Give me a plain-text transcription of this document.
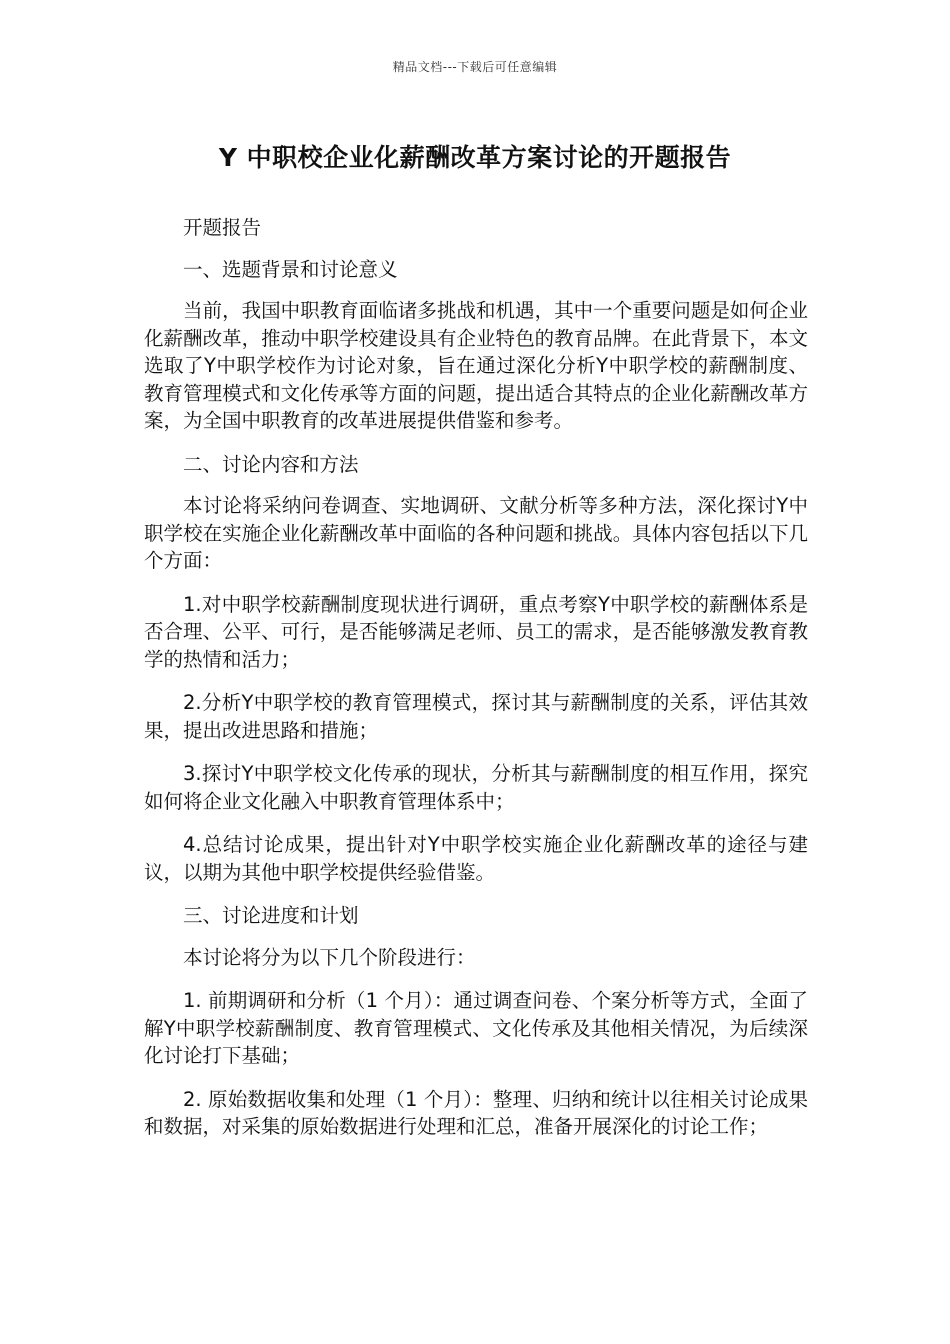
精品文档---下载后可任意编辑
Y 中职校企业化薪酬改革方案讨论的开题报告

开题报告

一、选题背景和讨论意义

当前，我国中职教育面临诸多挑战和机遇，其中一个重要问题是如何企业化薪酬改革，推动中职学校建设具有企业特色的教育品牌。在此背景下，本文选取了Y中职学校作为讨论对象，旨在通过深化分析Y中职学校的薪酬制度、教育管理模式和文化传承等方面的问题，提出适合其特点的企业化薪酬改革方案，为全国中职教育的改革进展提供借鉴和参考。

二、讨论内容和方法

本讨论将采纳问卷调查、实地调研、文献分析等多种方法，深化探讨Y中职学校在实施企业化薪酬改革中面临的各种问题和挑战。具体内容包括以下几个方面：

1.对中职学校薪酬制度现状进行调研，重点考察Y中职学校的薪酬体系是否合理、公平、可行，是否能够满足老师、员工的需求，是否能够激发教育教学的热情和活力；

2.分析Y中职学校的教育管理模式，探讨其与薪酬制度的关系，评估其效果，提出改进思路和措施；

3.探讨Y中职学校文化传承的现状，分析其与薪酬制度的相互作用，探究如何将企业文化融入中职教育管理体系中；

4.总结讨论成果，提出针对Y中职学校实施企业化薪酬改革的途径与建议，以期为其他中职学校提供经验借鉴。

三、讨论进度和计划

本讨论将分为以下几个阶段进行：

1. 前期调研和分析（1 个月）：通过调查问卷、个案分析等方式，全面了解Y中职学校薪酬制度、教育管理模式、文化传承及其他相关情况，为后续深化讨论打下基础；

2. 原始数据收集和处理（1 个月）：整理、归纳和统计以往相关讨论成果和数据，对采集的原始数据进行处理和汇总，准备开展深化的讨论工作；
